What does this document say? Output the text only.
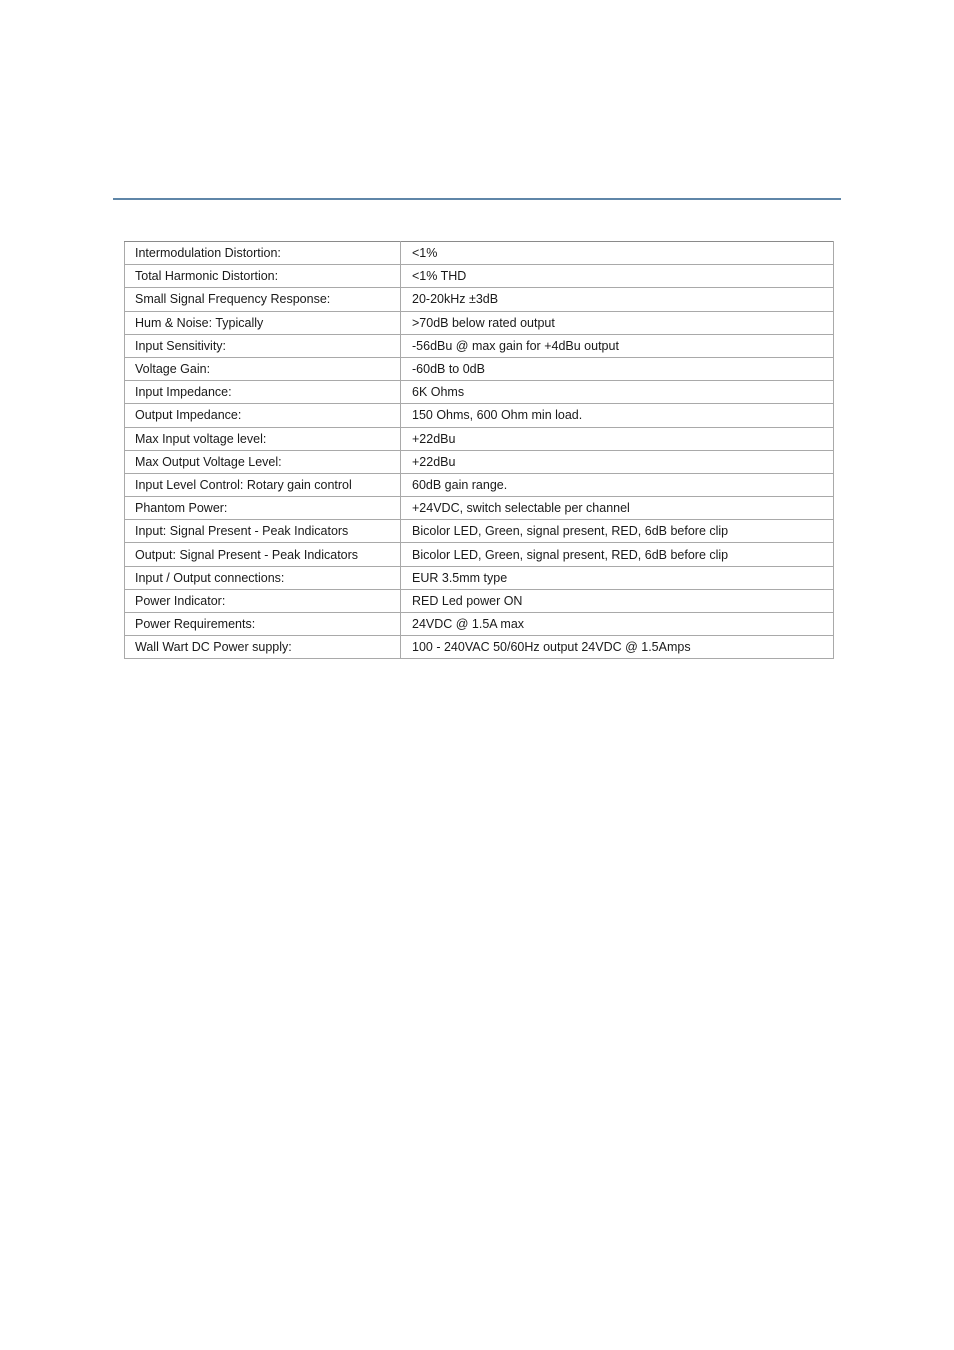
Intermodulation Distortion:	<1%
Total Harmonic Distortion:	<1% THD
Small Signal Frequency Response:	20-20kHz ±3dB
Hum & Noise: Typically	>70dB below rated output
Input Sensitivity:	-56dBu @ max gain for +4dBu output
Voltage Gain:	-60dB to 0dB
Input Impedance:	6K Ohms
Output Impedance:	150 Ohms, 600 Ohm min load.
Max Input voltage level:	+22dBu
Max Output Voltage Level:	+22dBu
Input Level Control: Rotary gain control	60dB gain range.
Phantom Power:	+24VDC, switch selectable per channel
Input: Signal Present - Peak Indicators	Bicolor LED, Green, signal present, RED, 6dB before clip
Output: Signal Present - Peak Indicators	Bicolor LED, Green, signal present, RED, 6dB before clip
Input / Output connections:	EUR 3.5mm type
Power Indicator:	RED Led power ON
Power Requirements:	24VDC @ 1.5A max
Wall Wart DC Power supply:	100 - 240VAC 50/60Hz output 24VDC @ 1.5Amps
